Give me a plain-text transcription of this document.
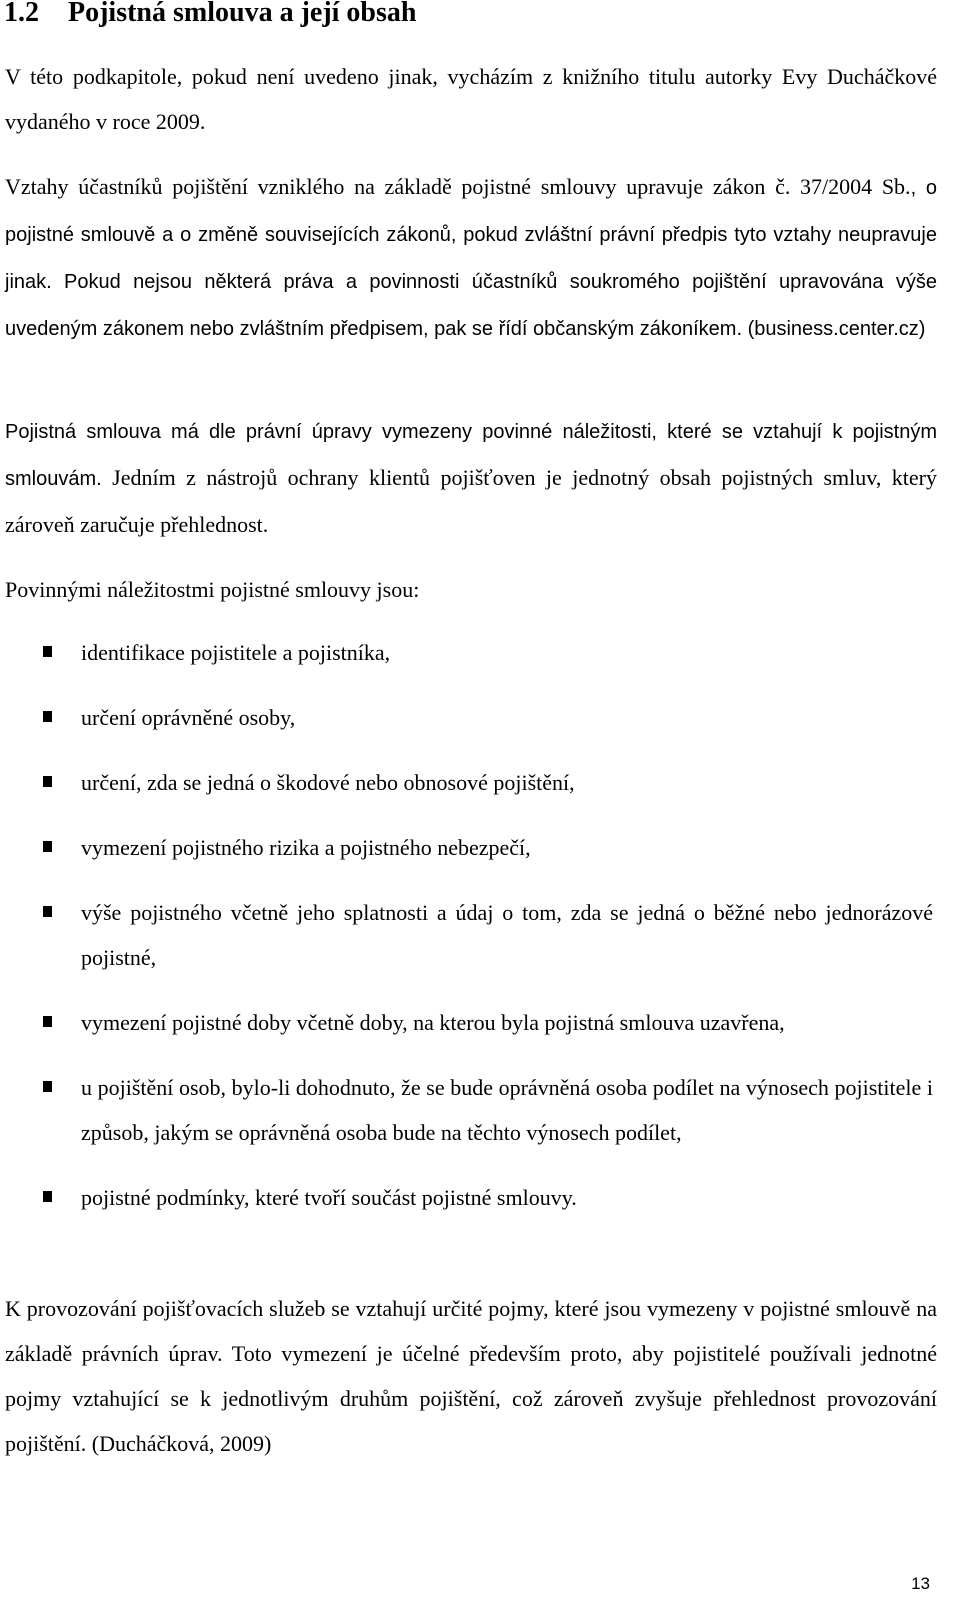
1.2 Pojistná smlouva a její obsah

V této podkapitole, pokud není uvedeno jinak, vycházím z knižního titulu autorky Evy Ducháčkové vydaného v roce 2009.

Vztahy účastníků pojištění vzniklého na základě pojistné smlouvy upravuje zákon č. 37/2004 Sb., o pojistné smlouvě a o změně souvisejících zákonů, pokud zvláštní právní předpis tyto vztahy neupravuje jinak. Pokud nejsou některá práva a povinnosti účastníků soukromého pojištění upravována výše uvedeným zákonem nebo zvláštním předpisem, pak se řídí občanským zákoníkem. (business.center.cz)

Pojistná smlouva má dle právní úpravy vymezeny povinné náležitosti, které se vztahují k pojistným smlouvám. Jedním z nástrojů ochrany klientů pojišťoven je jednotný obsah pojistných smluv, který zároveň zaručuje přehlednost.

Povinnými náležitostmi pojistné smlouvy jsou:

identifikace pojistitele a pojistníka,
určení oprávněné osoby,
určení, zda se jedná o škodové nebo obnosové pojištění,
vymezení pojistného rizika a pojistného nebezpečí,
výše pojistného včetně jeho splatnosti a údaj o tom, zda se jedná o běžné nebo jednorázové pojistné,
vymezení pojistné doby včetně doby, na kterou byla pojistná smlouva uzavřena,
u pojištění osob, bylo-li dohodnuto, že se bude oprávněná osoba podílet na výnosech pojistitele i způsob, jakým se oprávněná osoba bude na těchto výnosech podílet,
pojistné podmínky, které tvoří součást pojistné smlouvy.

K provozování pojišťovacích služeb se vztahují určité pojmy, které jsou vymezeny v pojistné smlouvě na základě právních úprav. Toto vymezení je účelné především proto, aby pojistitelé používali jednotné pojmy vztahující se k jednotlivým druhům pojištění, což zároveň zvyšuje přehlednost provozování pojištění. (Ducháčková, 2009)

13
